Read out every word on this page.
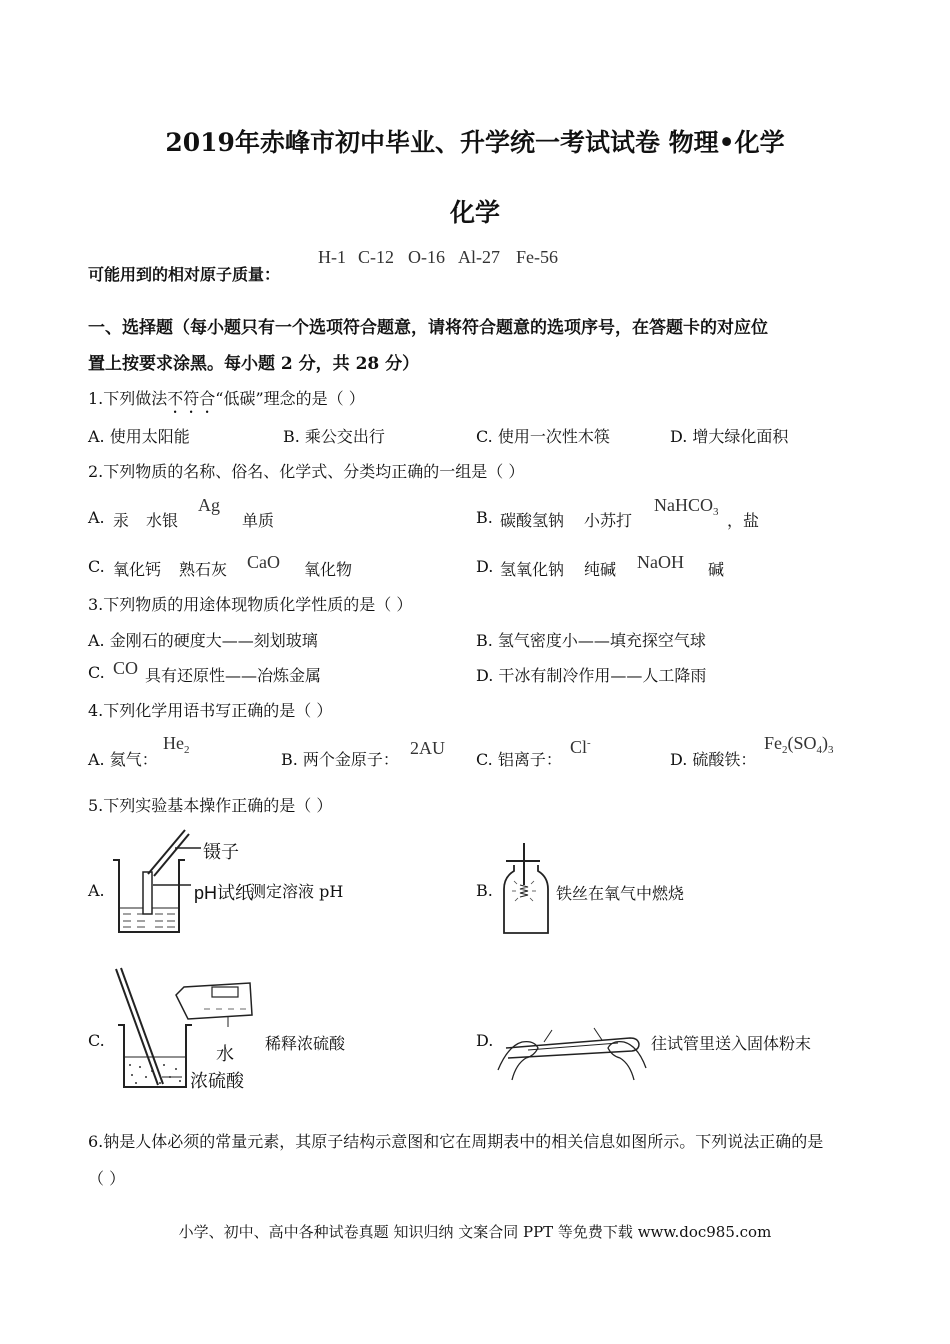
2019年赤峰市初中毕业、升学统一考试试卷 物理•化学
化学
可能用到的相对原子质量：
H-1 C-12 O-16 Al-27 Fe-56
一、选择题（每小题只有一个选项符合题意，请将符合题意的选项序号，在答题卡的对应位
置上按要求涂黑。每小题 2 分，共 28 分）
1.下列做法不符合“低碳”理念的是（ ）
A. 使用太阳能	B. 乘公交出行	C. 使用一次性木筷	D. 增大绿化面积
2.下列物质的名称、俗名、化学式、分类均正确的一组是（ ）
A. 汞 水银
Ag
单质	B. 碳酸氢钠 小苏打
NaHCO$_3$ ，盐
C. 氧化钙 熟石灰 CaO 氧化物	D. 氢氧化钠 纯碱 NaOH 碱
3.下列物质的用途体现物质化学性质的是（ ）
A. 金刚石的硬度大——刻划玻璃	B. 氢气密度小——填充探空气球
C. CO 具有还原性——冶炼金属	D. 干冰有制冷作用——人工降雨
4.下列化学用语书写正确的是（ ）
A. 氦气：
$He_2$	B. 两个金原子：
2AU
C. 铝离子：
Cl-
D. 硫酸铁：
$Fe_2(SO_4)_3$
5.下列实验基本操作正确的是（ ）
A.
镊子
pH试纸
测定溶液 pH	B.	铁丝在氧气中燃烧
C.
水
浓硫酸
稀释浓硫酸	D.	往试管里送入固体粉末
6.钠是人体必须的常量元素，其原子结构示意图和它在周期表中的相关信息如图所示。下列说法正确的是
（ ）
小学、初中、高中各种试卷真题 知识归纳 文案合同 PPT 等免费下载 www.doc985.com
